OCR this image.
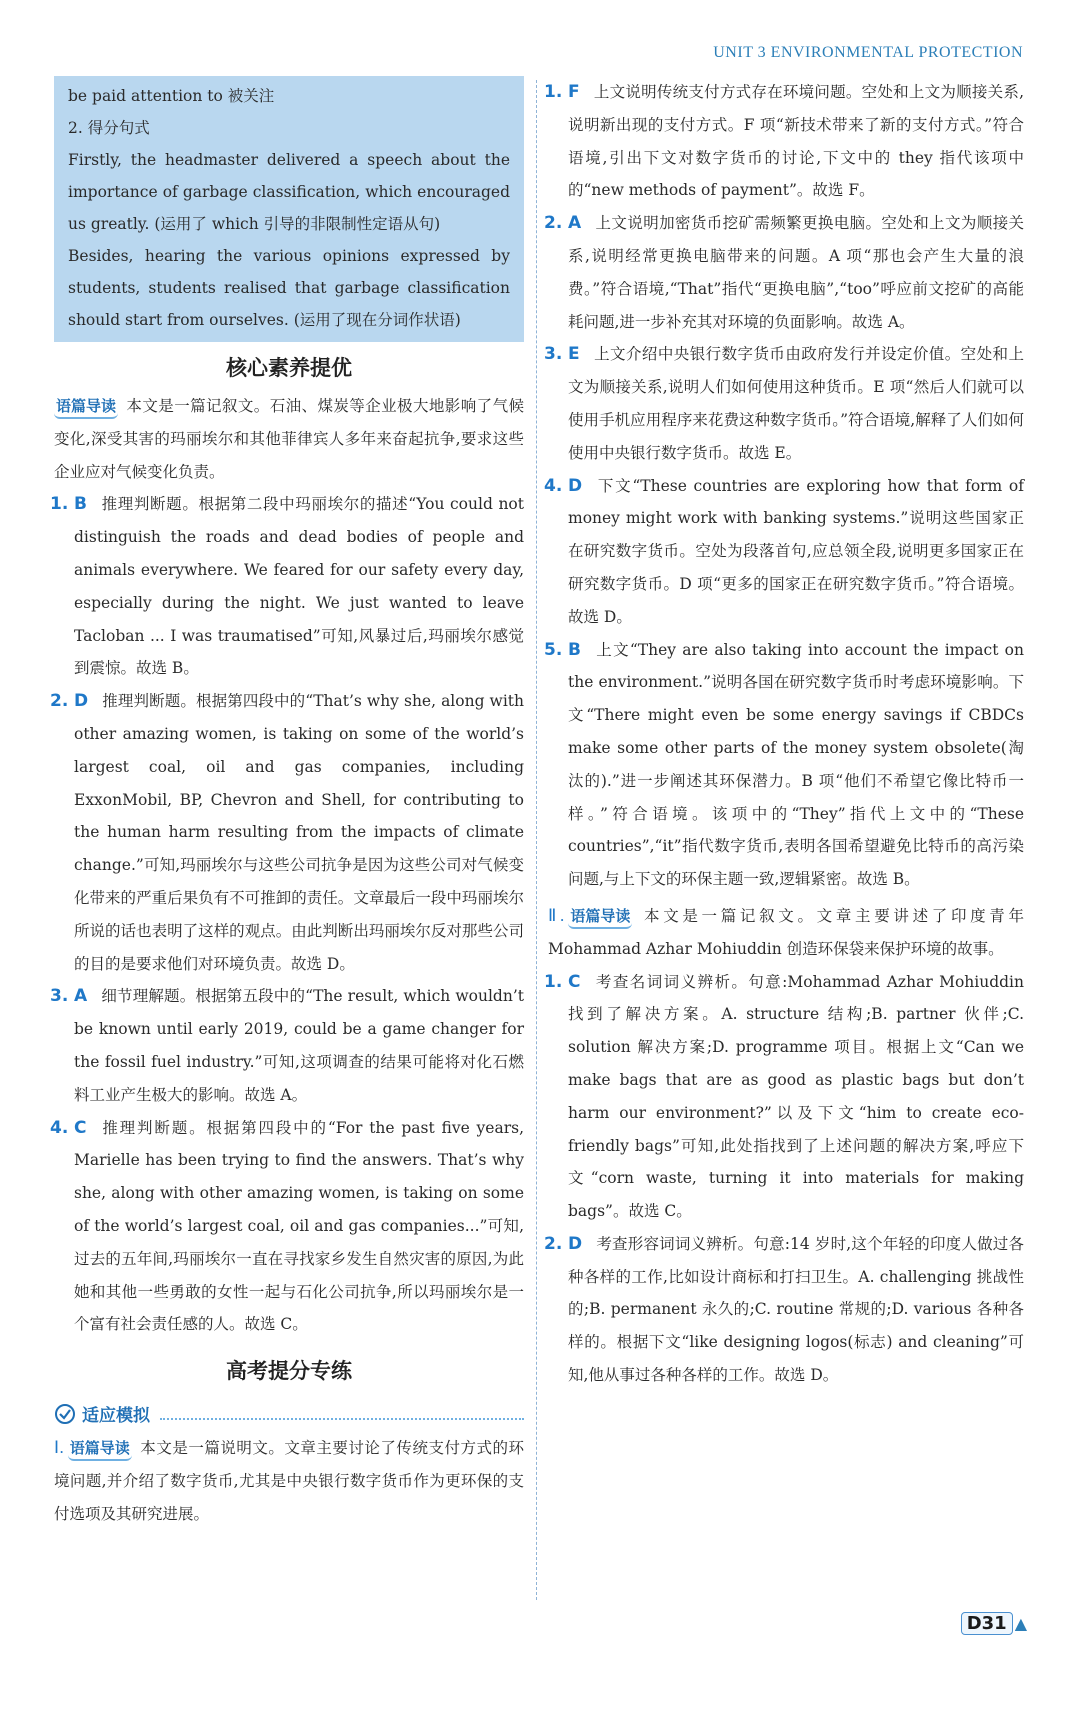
UNIT 3 ENVIRONMENTAL PROTECTION

be paid attention to 被关注

2. 得分句式

Firstly, the headmaster delivered a speech about the importance of garbage classification, which encouraged us greatly. (运用了 which 引导的非限制性定语从句)

Besides, hearing the various opinions expressed by students, students realised that garbage classification should start from ourselves. (运用了现在分词作状语)

核心素养提优

语篇导读 本文是一篇记叙文。石油、煤炭等企业极大地影响了气候变化,深受其害的玛丽埃尔和其他菲律宾人多年来奋起抗争,要求这些企业应对气候变化负责。

1. B 推理判断题。根据第二段中玛丽埃尔的描述“You could not distinguish the roads and dead bodies of people and animals everywhere. We feared for our safety every day, especially during the night. We just wanted to leave Tacloban ... I was traumatised”可知,风暴过后,玛丽埃尔感觉到震惊。故选 B。

2. D 推理判断题。根据第四段中的“That’s why she, along with other amazing women, is taking on some of the world’s largest coal, oil and gas companies, including ExxonMobil, BP, Chevron and Shell, for contributing to the human harm resulting from the impacts of climate change.”可知,玛丽埃尔与这些公司抗争是因为这些公司对气候变化带来的严重后果负有不可推卸的责任。文章最后一段中玛丽埃尔所说的话也表明了这样的观点。由此判断出玛丽埃尔反对那些公司的目的是要求他们对环境负责。故选 D。

3. A 细节理解题。根据第五段中的“The result, which wouldn’t be known until early 2019, could be a game changer for the fossil fuel industry.”可知,这项调查的结果可能将对化石燃料工业产生极大的影响。故选 A。

4. C 推理判断题。根据第四段中的“For the past five years, Marielle has been trying to find the answers. That’s why she, along with other amazing women, is taking on some of the world’s largest coal, oil and gas companies...”可知,过去的五年间,玛丽埃尔一直在寻找家乡发生自然灾害的原因,为此她和其他一些勇敢的女性一起与石化公司抗争,所以玛丽埃尔是一个富有社会责任感的人。故选 C。

高考提分专练
适应模拟

Ⅰ. 语篇导读 本文是一篇说明文。文章主要讨论了传统支付方式的环境问题,并介绍了数字货币,尤其是中央银行数字货币作为更环保的支付选项及其研究进展。

1. F 上文说明传统支付方式存在环境问题。空处和上文为顺接关系,说明新出现的支付方式。F 项“新技术带来了新的支付方式。”符合语境,引出下文对数字货币的讨论,下文中的 they 指代该项中的“new methods of payment”。故选 F。

2. A 上文说明加密货币挖矿需频繁更换电脑。空处和上文为顺接关系,说明经常更换电脑带来的问题。A 项“那也会产生大量的浪费。”符合语境,“That”指代“更换电脑”,“too”呼应前文挖矿的高能耗问题,进一步补充其对环境的负面影响。故选 A。

3. E 上文介绍中央银行数字货币由政府发行并设定价值。空处和上文为顺接关系,说明人们如何使用这种货币。E 项“然后人们就可以使用手机应用程序来花费这种数字货币。”符合语境,解释了人们如何使用中央银行数字货币。故选 E。

4. D 下文“These countries are exploring how that form of money might work with banking systems.”说明这些国家正在研究数字货币。空处为段落首句,应总领全段,说明更多国家正在研究数字货币。D 项“更多的国家正在研究数字货币。”符合语境。故选 D。

5. B 上文“They are also taking into account the impact on the environment.”说明各国在研究数字货币时考虑环境影响。下文“There might even be some energy savings if CBDCs make some other parts of the money system obsolete(淘汰的).”进一步阐述其环保潜力。B 项“他们不希望它像比特币一样。”符合语境。该项中的“They”指代上文中的“These countries”,“it”指代数字货币,表明各国希望避免比特币的高污染问题,与上下文的环保主题一致,逻辑紧密。故选 B。

Ⅱ. 语篇导读 本文是一篇记叙文。文章主要讲述了印度青年 Mohammad Azhar Mohiuddin 创造环保袋来保护环境的故事。

1. C 考查名词词义辨析。句意:Mohammad Azhar Mohiuddin 找到了解决方案。A. structure 结构;B. partner 伙伴;C. solution 解决方案;D. programme 项目。根据上文“Can we make bags that are as good as plastic bags but don’t harm our environment?”以及下文“him to create eco-friendly bags”可知,此处指找到了上述问题的解决方案,呼应下文“corn waste, turning it into materials for making bags”。故选 C。

2. D 考查形容词词义辨析。句意:14 岁时,这个年轻的印度人做过各种各样的工作,比如设计商标和打扫卫生。A. challenging 挑战性的;B. permanent 永久的;C. routine 常规的;D. various 各种各样的。根据下文“like designing logos(标志) and cleaning”可知,他从事过各种各样的工作。故选 D。

D31 ▲
